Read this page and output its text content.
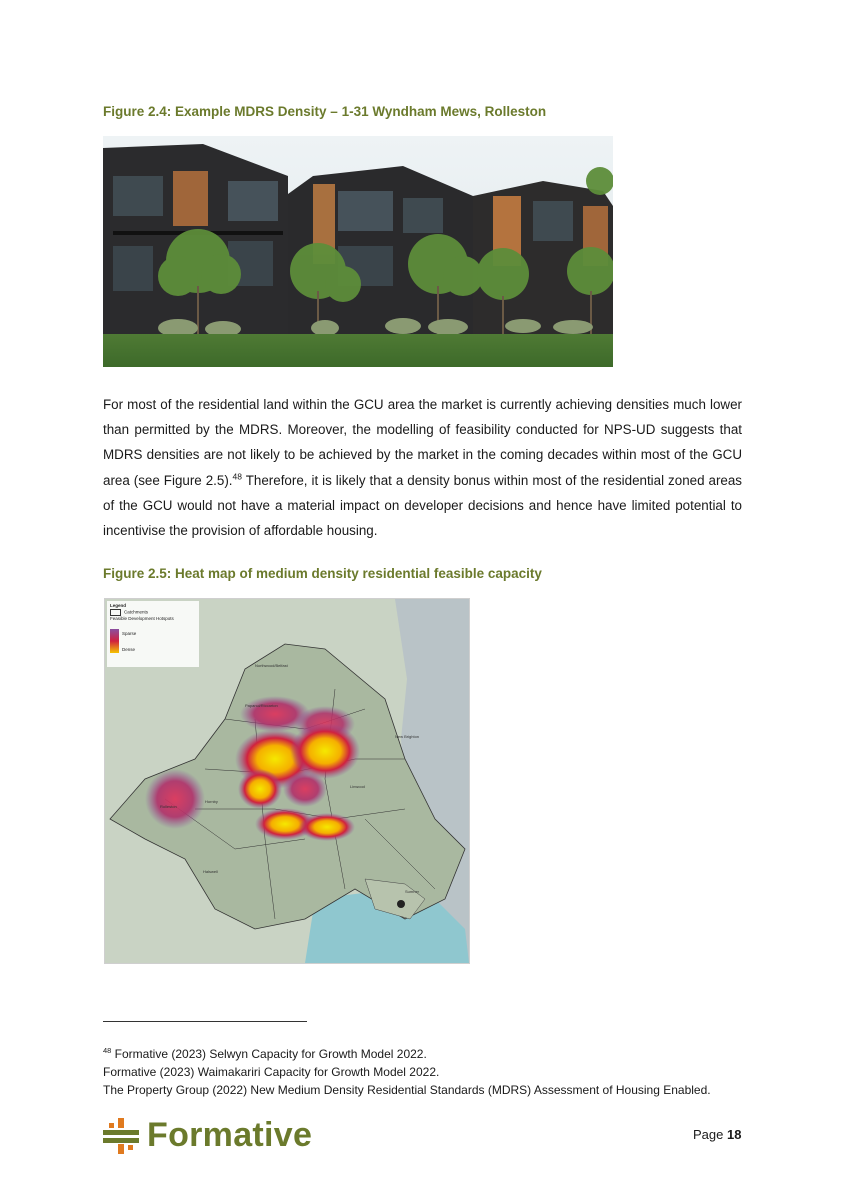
Figure 2.4: Example MDRS Density – 1-31 Wyndham Mews, Rolleston
For most of the residential land within the GCU area the market is currently achieving densities much lower than permitted by the MDRS. Moreover, the modelling of feasibility conducted for NPS-UD suggests that MDRS densities are not likely to be achieved by the market in the coming decades within most of the GCU area (see Figure 2.5).$^{48}$ Therefore, it is likely that a density bonus within most of the residential zoned areas of the GCU would not have a material impact on developer decisions and hence have limited potential to incentivise the provision of affordable housing.
Figure 2.5: Heat map of medium density residential feasible capacity
Legend
Catchments
Feasible Development Hotspots
Sparse
Dense
Northwood/Belfast
Papanui/Riccarton
Halswell
Hornby
Linwood
Sumner
New Brighton
Rolleston
$^{48}$ Formative (2023) Selwyn Capacity for Growth Model 2022.
Formative (2023) Waimakariri Capacity for Growth Model 2022.
The Property Group (2022) New Medium Density Residential Standards (MDRS) Assessment of Housing Enabled.
Formative	Page 18
